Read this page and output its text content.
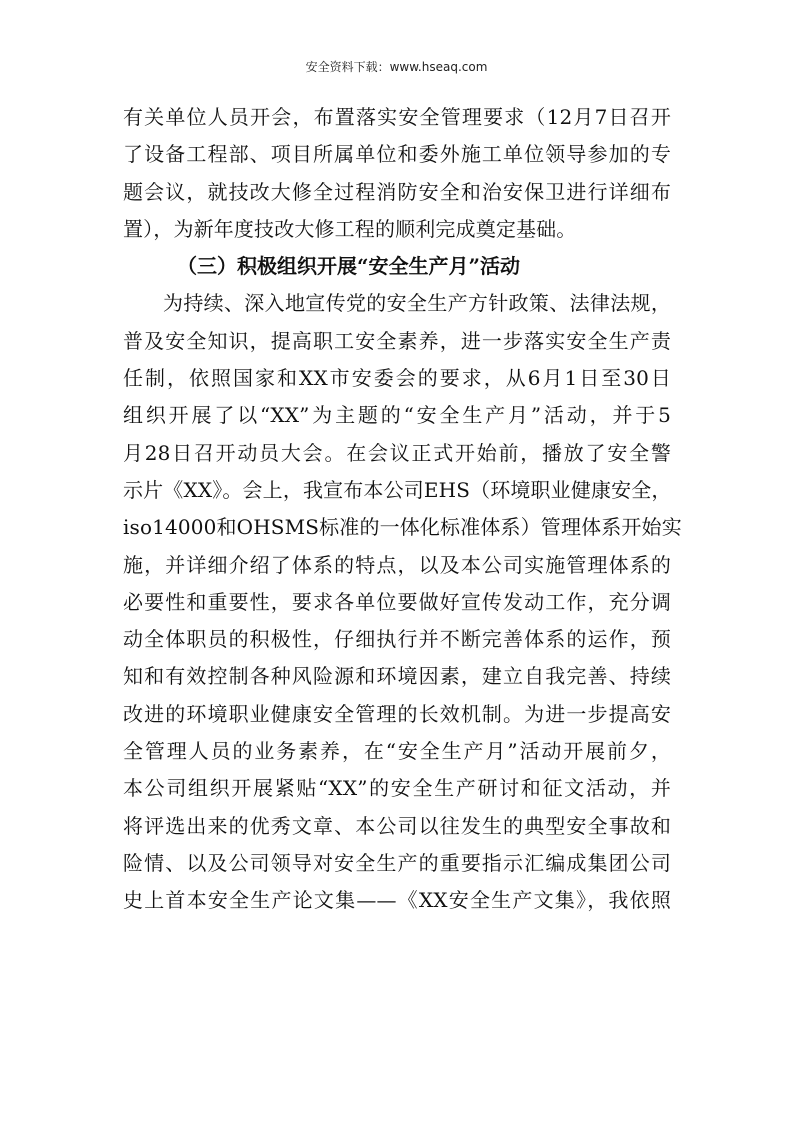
安全资料下载：www.hseaq.com
有关单位人员开会，布置落实安全管理要求（12月7日召开
了设备工程部、项目所属单位和委外施工单位领导参加的专
题会议，就技改大修全过程消防安全和治安保卫进行详细布
置），为新年度技改大修工程的顺利完成奠定基础。
（三）积极组织开展“安全生产月”活动
为持续、深入地宣传党的安全生产方针政策、法律法规，
普及安全知识，提高职工安全素养，进一步落实安全生产责
任制，依照国家和XX市安委会的要求，从6月1日至30日
组织开展了以“XX”为主题的“安全生产月”活动，并于5
月28日召开动员大会。在会议正式开始前，播放了安全警
示片《XX》。会上，我宣布本公司EHS（环境职业健康安全，
iso14000和OHSMS标准的一体化标准体系）管理体系开始实
施，并详细介绍了体系的特点，以及本公司实施管理体系的
必要性和重要性，要求各单位要做好宣传发动工作，充分调
动全体职员的积极性，仔细执行并不断完善体系的运作，预
知和有效控制各种风险源和环境因素，建立自我完善、持续
改进的环境职业健康安全管理的长效机制。为进一步提高安
全管理人员的业务素养，在“安全生产月”活动开展前夕，
本公司组织开展紧贴“XX”的安全生产研讨和征文活动，并
将评选出来的优秀文章、本公司以往发生的典型安全事故和
险情、以及公司领导对安全生产的重要指示汇编成集团公司
史上首本安全生产论文集——《XX安全生产文集》，我依照
